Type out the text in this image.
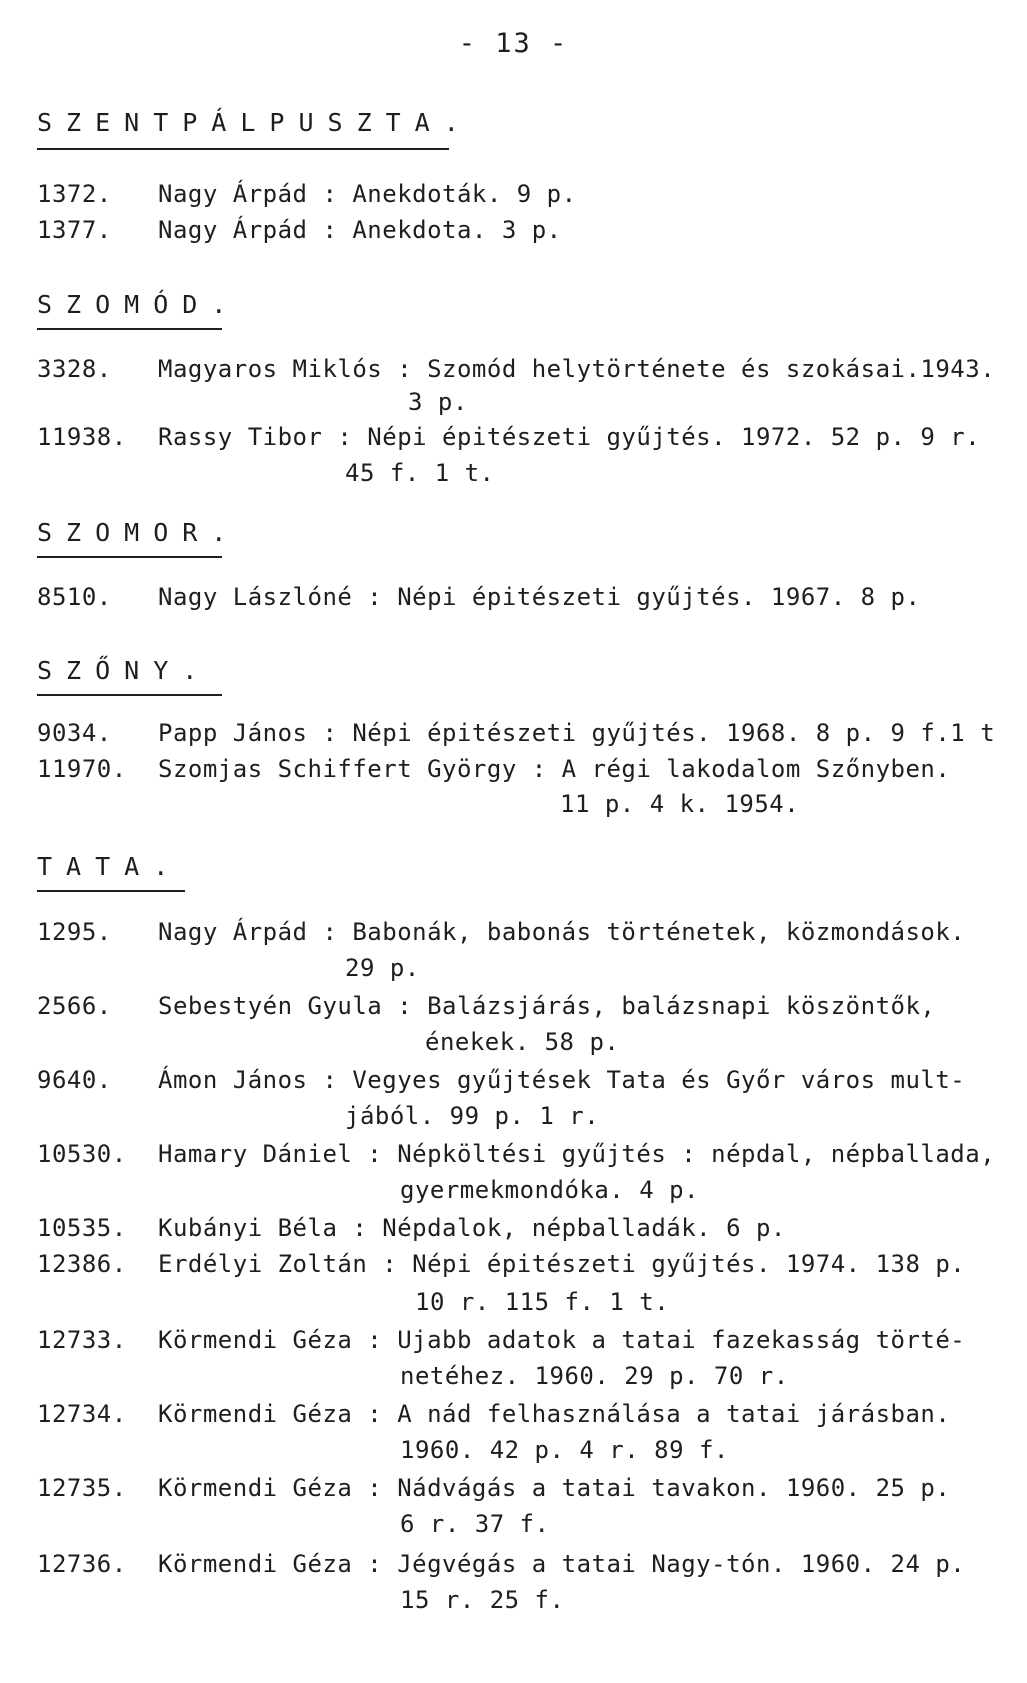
- 13 -
SZENTPÁLPUSZTA.
1372. Nagy Árpád : Anekdoták. 9 p.
1377. Nagy Árpád : Anekdota. 3 p.
SZOMÓD.
3328. Magyaros Miklós : Szomód helytörténete és szokásai.1943.
3 p.
11938. Rassy Tibor : Népi épitészeti gyűjtés. 1972. 52 p. 9 r.
45 f. 1 t.
SZOMOR.
8510. Nagy Lászlóné : Népi épitészeti gyűjtés. 1967. 8 p.
SZŐNY.
9034. Papp János : Népi épitészeti gyűjtés. 1968. 8 p. 9 f.1 t
11970. Szomjas Schiffert György : A régi lakodalom Szőnyben.
11 p. 4 k. 1954.
TATA.
1295. Nagy Árpád : Babonák, babonás történetek, közmondások.
29 p.
2566. Sebestyén Gyula : Balázsjárás, balázsnapi köszöntők,
énekek. 58 p.
9640. Ámon János : Vegyes gyűjtések Tata és Győr város mult-
jából. 99 p. 1 r.
10530. Hamary Dániel : Népköltési gyűjtés : népdal, népballada,
gyermekmondóka. 4 p.
10535. Kubányi Béla : Népdalok, népballadák. 6 p.
12386. Erdélyi Zoltán : Népi épitészeti gyűjtés. 1974. 138 p.
10 r. 115 f. 1 t.
12733. Körmendi Géza : Ujabb adatok a tatai fazekasság törté-
netéhez. 1960. 29 p. 70 r.
12734. Körmendi Géza : A nád felhasználása a tatai járásban.
1960. 42 p. 4 r. 89 f.
12735. Körmendi Géza : Nádvágás a tatai tavakon. 1960. 25 p.
6 r. 37 f.
12736. Körmendi Géza : Jégvégás a tatai Nagy-tón. 1960. 24 p.
15 r. 25 f.
